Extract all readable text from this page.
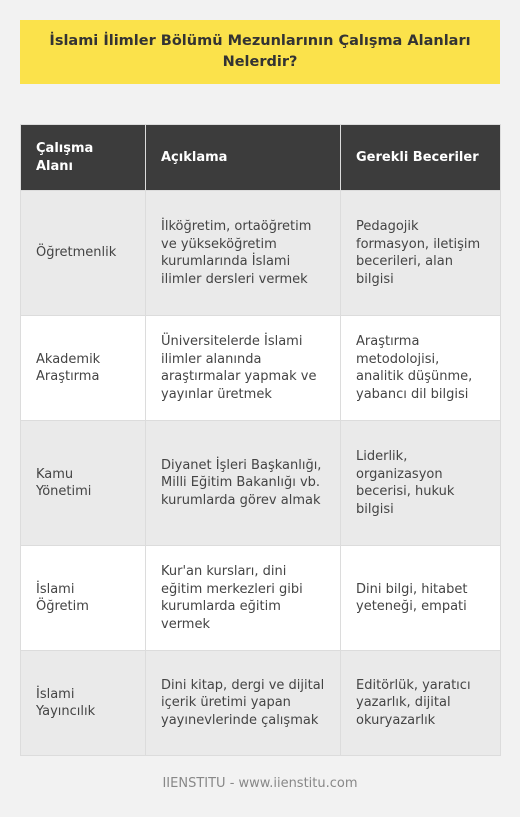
İslami İlimler Bölümü Mezunlarının Çalışma Alanları Nelerdir?
Çalışma Alanı	Açıklama	Gerekli Beceriler
Öğretmenlik	İlköğretim, ortaöğretim ve yükseköğretim kurumlarında İslami ilimler dersleri vermek	Pedagojik formasyon, iletişim becerileri, alan bilgisi
Akademik Araştırma	Üniversitelerde İslami ilimler alanında araştırmalar yapmak ve yayınlar üretmek	Araştırma metodolojisi, analitik düşünme, yabancı dil bilgisi
Kamu Yönetimi	Diyanet İşleri Başkanlığı, Milli Eğitim Bakanlığı vb. kurumlarda görev almak	Liderlik, organizasyon becerisi, hukuk bilgisi
İslami Öğretim	Kur'an kursları, dini eğitim merkezleri gibi kurumlarda eğitim vermek	Dini bilgi, hitabet yeteneği, empati
İslami Yayıncılık	Dini kitap, dergi ve dijital içerik üretimi yapan yayınevlerinde çalışmak	Editörlük, yaratıcı yazarlık, dijital okuryazarlık
IIENSTITU - www.iienstitu.com
